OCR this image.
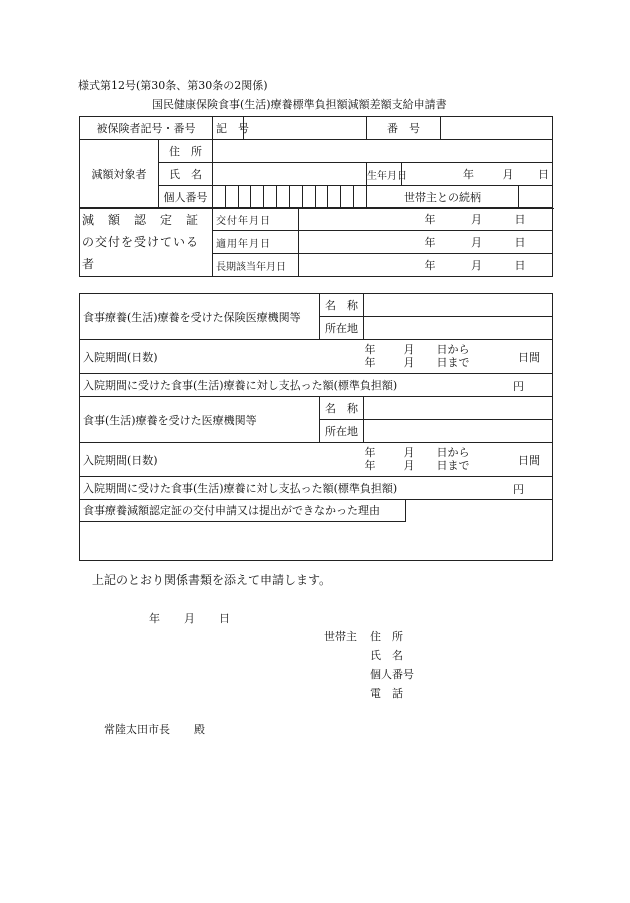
様式第12号(第30条、第30条の2関係)
国民健康保険食事(生活)療養標準負担額減額差額支給申請書
被保険者記号・番号		記　号		番　号			
減額対象者	住　所						
	氏　名			生年月日	年 月 日		
	個人番号			世帯主との続柄			
減　額　認　定　証　の交付を受けている者	交付年月日		年 月 日
	適用年月日		年 月 日
	長期該当年月日		年 月 日
食事療養(生活)療養を受けた保険医療機関等	名　称	
	所在地	
入院期間(日数)	年 月 日から
年 月 日まで 日間	

入院期間に受けた食事(生活)療養に対し支払った額(標準負担額)		円

食事(生活)療養を受けた医療機関等	名　称	
	所在地	
入院期間(日数)	年 月 日から
年 月 日まで 日間	

入院期間に受けた食事(生活)療養に対し支払った額(標準負担額)		円

食事療養減額認定証の交付申請又は提出ができなかった理由		
上記のとおり関係書類を添えて申請します。
年 月 日
世帯主 住　所
氏　名
個人番号
電　話
常陸太田市長 殿
